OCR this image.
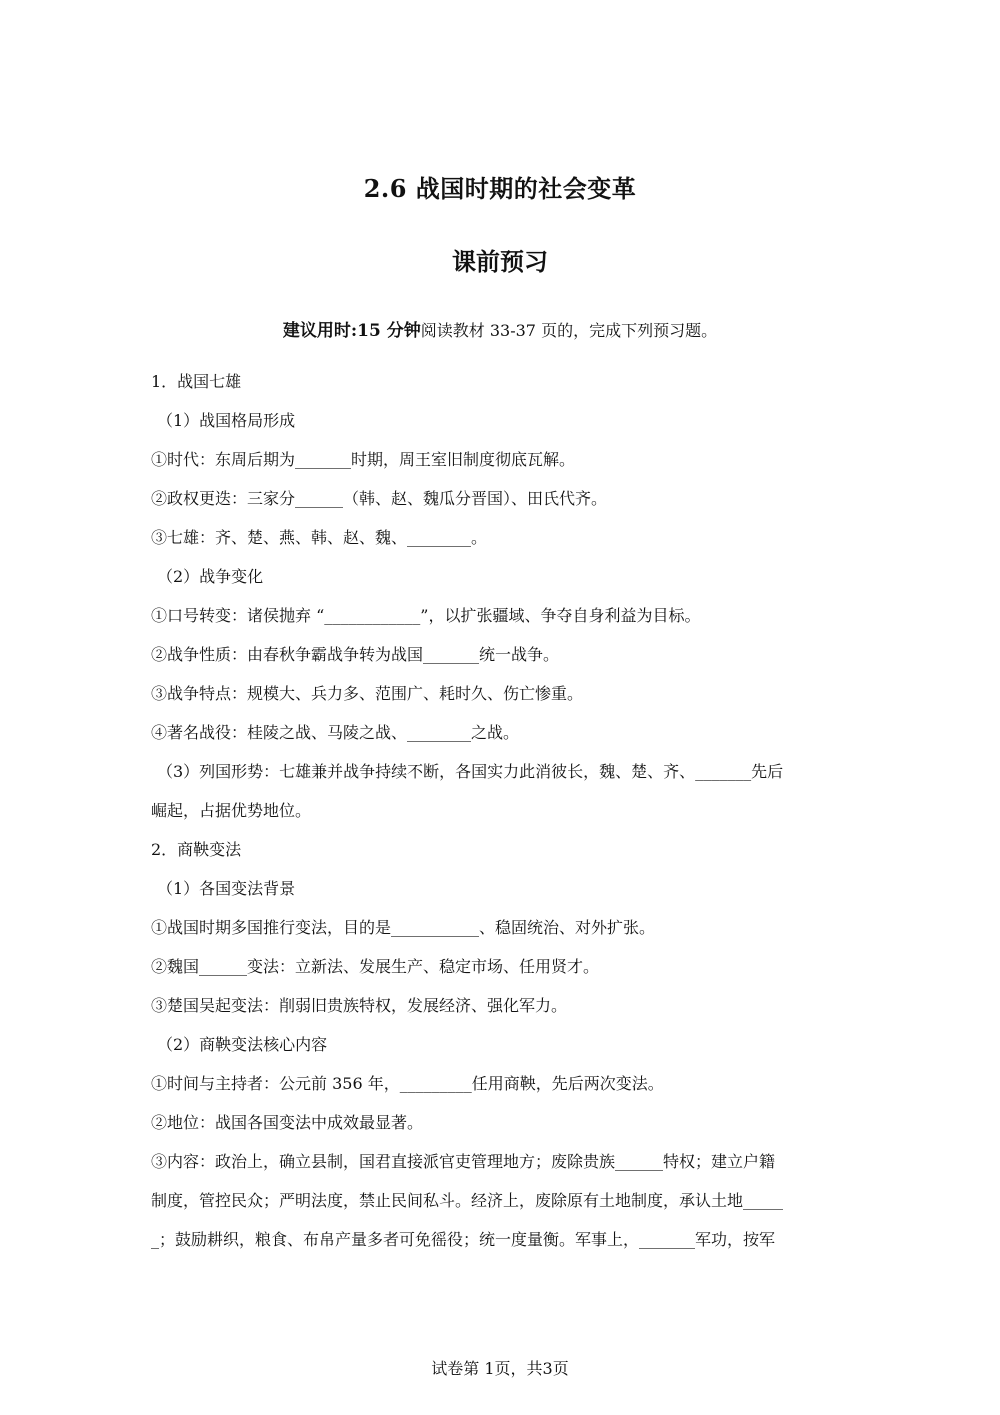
2.6 战国时期的社会变革
课前预习
建议用时:15 分钟阅读教材 33-37 页的，完成下列预习题。
1．战国七雄
（1）战国格局形成
①时代：东周后期为_______时期，周王室旧制度彻底瓦解。
②政权更迭：三家分______（韩、赵、魏瓜分晋国）、田氏代齐。
③七雄：齐、楚、燕、韩、赵、魏、________。
（2）战争变化
①口号转变：诸侯抛弃 “____________”，以扩张疆域、争夺自身利益为目标。
②战争性质：由春秋争霸战争转为战国_______统一战争。
③战争特点：规模大、兵力多、范围广、耗时久、伤亡惨重。
④著名战役：桂陵之战、马陵之战、________之战。
（3）列国形势：七雄兼并战争持续不断，各国实力此消彼长，魏、楚、齐、_______先后
崛起，占据优势地位。
2．商鞅变法
（1）各国变法背景
①战国时期多国推行变法，目的是___________、稳固统治、对外扩张。
②魏国______变法：立新法、发展生产、稳定市场、任用贤才。
③楚国吴起变法：削弱旧贵族特权，发展经济、强化军力。
（2）商鞅变法核心内容
①时间与主持者：公元前 356 年，_________任用商鞅，先后两次变法。
②地位：战国各国变法中成效最显著。
③内容：政治上，确立县制，国君直接派官吏管理地方；废除贵族______特权；建立户籍
制度，管控民众；严明法度，禁止民间私斗。经济上，废除原有土地制度，承认土地_____
_；鼓励耕织，粮食、布帛产量多者可免徭役；统一度量衡。军事上，_______军功，按军
试卷第 1页，共3页
